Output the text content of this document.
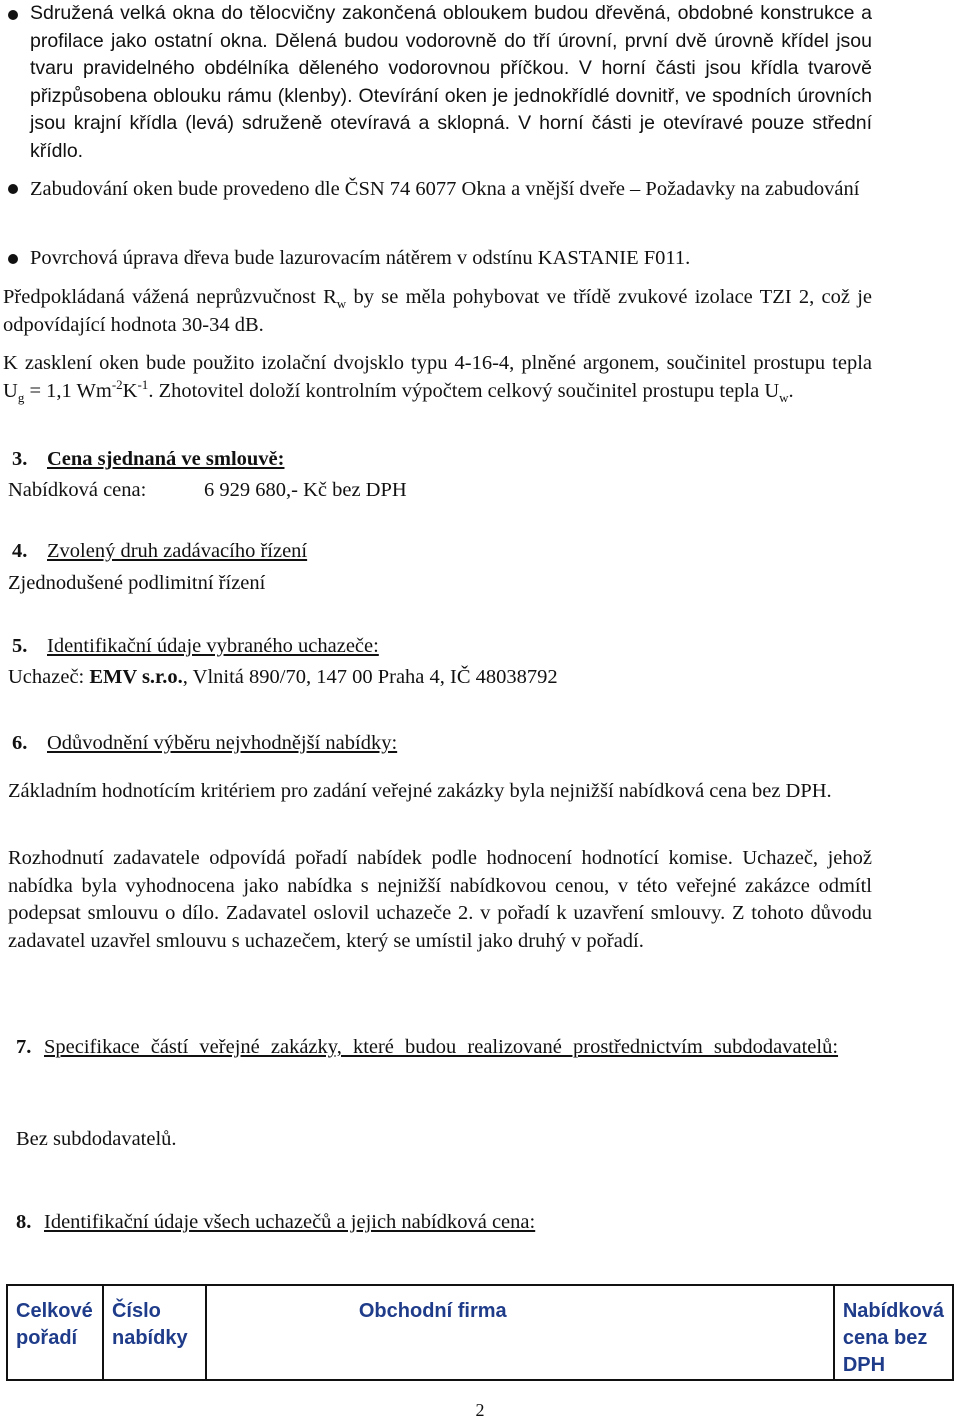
Sdružená velká okna do tělocvičny zakončená obloukem budou dřevěná, obdobné konstrukce a profilace jako ostatní okna. Dělená budou vodorovně do tří úrovní, první dvě úrovně křídel jsou tvaru pravidelného obdélníka děleného vodorovnou příčkou. V horní části jsou křídla tvarově přizpůsobena oblouku rámu (klenby). Otevírání oken je jednokřídlé dovnitř, ve spodních úrovních jsou krajní křídla (levá) sdruženě otevíravá a sklopná. V horní části je otevíravé pouze střední křídlo.
Zabudování oken bude provedeno dle ČSN 74 6077 Okna a vnější dveře – Požadavky na zabudování
Povrchová úprava dřeva bude lazurovacím nátěrem v odstínu KASTANIE F011.
Předpokládaná vážená neprůzvučnost $R_w$ by se měla pohybovat ve třídě zvukové izolace TZI 2, což je odpovídající hodnota 30-34 dB.
K zasklení oken bude použito izolační dvojsklo typu 4-16-4, plněné argonem, součinitel prostupu tepla $U_g = 1,1$ $Wm^{-2}K^{-1}$. Zhotovitel doloží kontrolním výpočtem celkový součinitel prostupu tepla $U_w$.
3. Cena sjednaná ve smlouvě:
Nabídková cena:	6 929 680,- Kč bez DPH
4. Zvolený druh zadávacího řízení
Zjednodušené podlimitní řízení
5. Identifikační údaje vybraného uchazeče:
Uchazeč: EMV s.r.o., Vlnitá 890/70, 147 00 Praha 4, IČ 48038792
6. Odůvodnění výběru nejvhodnější nabídky:
Základním hodnotícím kritériem pro zadání veřejné zakázky byla nejnižší nabídková cena bez DPH.
Rozhodnutí zadavatele odpovídá pořadí nabídek podle hodnocení hodnotící komise. Uchazeč, jehož nabídka byla vyhodnocena jako nabídka s nejnižší nabídkovou cenou, v této veřejné zakázce odmítl podepsat smlouvu o dílo. Zadavatel oslovil uchazeče 2. v pořadí k uzavření smlouvy. Z tohoto důvodu zadavatel uzavřel smlouvu s uchazečem, který se umístil jako druhý v pořadí.
7. Specifikace částí veřejné zakázky, které budou realizované prostřednictvím subdodavatelů:
Bez subdodavatelů.
8. Identifikační údaje všech uchazečů a jejich nabídková cena:
Celkové pořadí	Číslo nabídky	Obchodní firma	Nabídková cena bez DPH
2
